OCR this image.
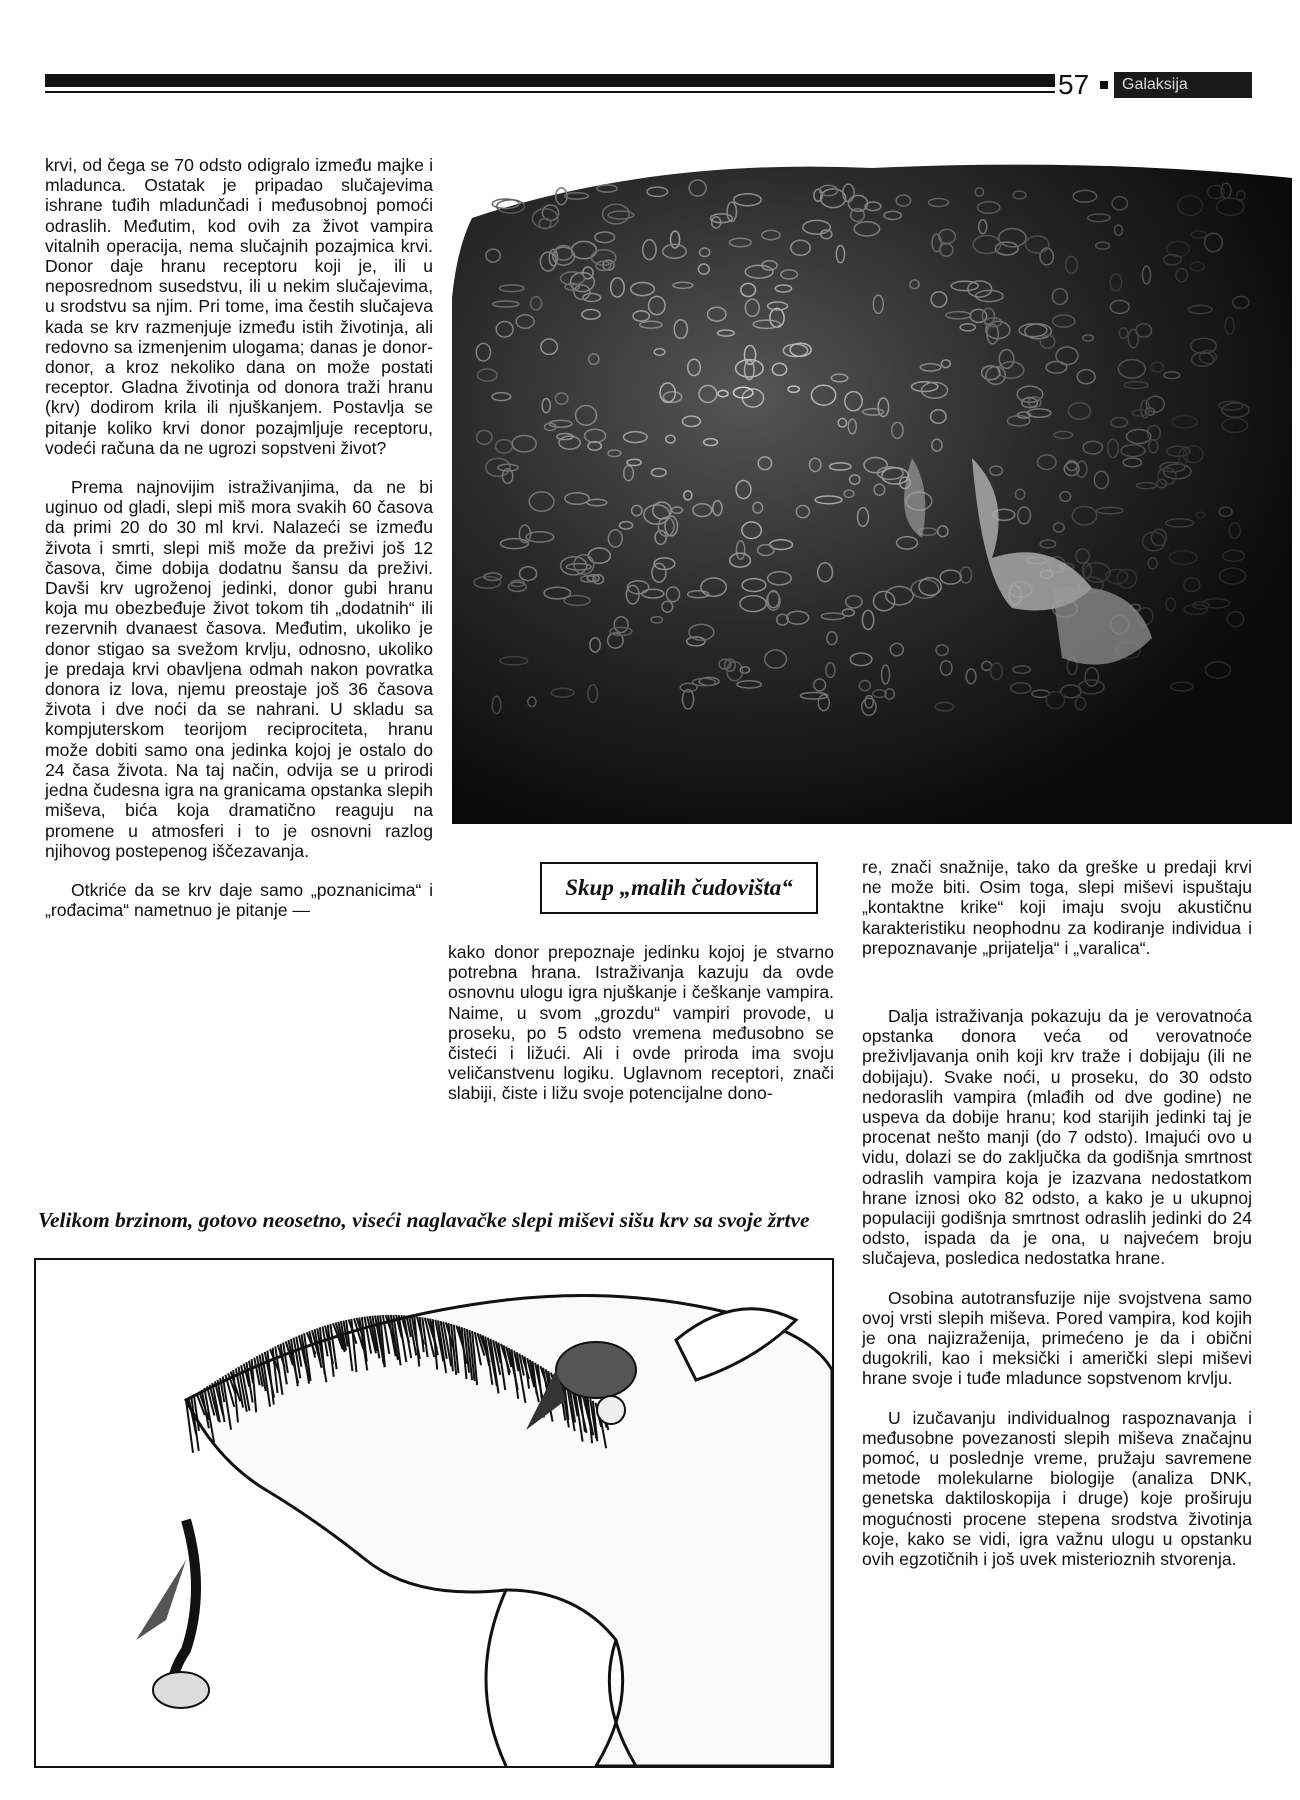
57	Galaksija

krvi, od čega se 70 odsto odigralo između majke i mladunca. Ostatak je pripadao slučajevima ishrane tuđih mladunčadi i međusobnoj pomoći odraslih. Međutim, kod ovih za život vampira vitalnih operacija, nema slučajnih pozajmica krvi. Donor daje hranu receptoru koji je, ili u neposrednom susedstvu, ili u nekim slučajevima, u srodstvu sa njim. Pri tome, ima čestih slučajeva kada se krv razmenjuje između istih životinja, ali redovno sa izmenjenim ulogama; danas je donor-donor, a kroz nekoliko dana on može postati receptor. Gladna životinja od donora traži hranu (krv) dodirom krila ili njuškanjem. Postavlja se pitanje koliko krvi donor pozajmljuje receptoru, vodeći računa da ne ugrozi sopstveni život?

Prema najnovijim istraživanjima, da ne bi uginuo od gladi, slepi miš mora svakih 60 časova da primi 20 do 30 ml krvi. Nalazeći se između života i smrti, slepi miš može da preživi još 12 časova, čime dobija dodatnu šansu da preživi. Davši krv ugroženoj jedinki, donor gubi hranu koja mu obezbeđuje život tokom tih „dodatnih“ ili rezervnih dvanaest časova. Međutim, ukoliko je donor stigao sa svežom krvlju, odnosno, ukoliko je predaja krvi obavljena odmah nakon povratka donora iz lova, njemu preostaje još 36 časova života i dve noći da se nahrani. U skladu sa kompjuterskom teorijom reciprociteta, hranu može dobiti samo ona jedinka kojoj je ostalo do 24 časa života. Na taj način, odvija se u prirodi jedna čudesna igra na granicama opstanka slepih miševa, bića koja dramatično reaguju na promene u atmosferi i to je osnovni razlog njihovog postepenog iščezavanja.

Otkriće da se krv daje samo „poznanicima“ i „rođacima“ nametnuo je pitanje —

Skup „malih čudovišta“

kako donor prepoznaje jedinku kojoj je stvarno potrebna hrana. Istraživanja kazuju da ovde osnovnu ulogu igra njuškanje i češkanje vampira. Naime, u svom „grozdu“ vampiri provode, u proseku, po 5 odsto vremena međusobno se čisteći i ližući. Ali i ovde priroda ima svoju veličanstvenu logiku. Uglavnom receptori, znači slabiji, čiste i ližu svoje potencijalne dono-

re, znači snažnije, tako da greške u predaji krvi ne može biti. Osim toga, slepi miševi ispuštaju „kontaktne krike“ koji imaju svoju akustičnu karakteristiku neophodnu za kodiranje individua i prepoznavanje „prijatelja“ i „varalica“.

Dalja istraživanja pokazuju da je verovatnoća opstanka donora veća od verovatnoće preživljavanja onih koji krv traže i dobijaju (ili ne dobijaju). Svake noći, u proseku, do 30 odsto nedoraslih vampira (mlađih od dve godine) ne uspeva da dobije hranu; kod starijih jedinki taj je procenat nešto manji (do 7 odsto). Imajući ovo u vidu, dolazi se do zaključka da godišnja smrtnost odraslih vampira koja je izazvana nedostatkom hrane iznosi oko 82 odsto, a kako je u ukupnoj populaciji godišnja smrtnost odraslih jedinki do 24 odsto, ispada da je ona, u najvećem broju slučajeva, posledica nedostatka hrane.

Osobina autotransfuzije nije svojstvena samo ovoj vrsti slepih miševa. Pored vampira, kod kojih je ona najizraženija, primećeno je da i obični dugokrili, kao i meksički i američki slepi miševi hrane svoje i tuđe mladunce sopstvenom krvlju.

U izučavanju individualnog raspoznavanja i međusobne povezanosti slepih miševa značajnu pomoć, u poslednje vreme, pružaju savremene metode molekularne biologije (analiza DNK, genetska daktiloskopija i druge) koje proširuju mogućnosti procene stepena srodstva životinja koje, kako se vidi, igra važnu ulogu u opstanku ovih egzotičnih i još uvek misterioznih stvorenja.

Velikom brzinom, gotovo neosetno, viseći naglavačke slepi miševi sišu krv sa svoje žrtve
